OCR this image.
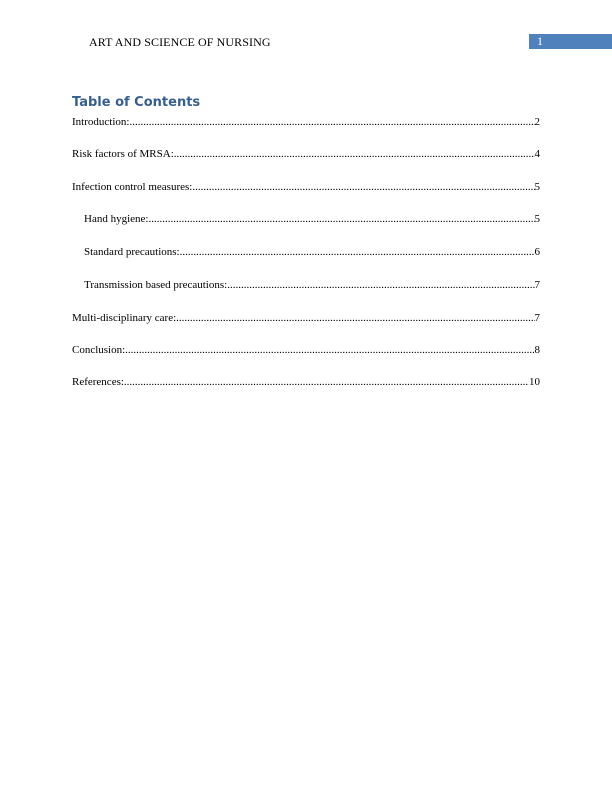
ART AND SCIENCE OF NURSING	1
Table of Contents
Introduction: .....	2
Risk factors of MRSA: .....	4
Infection control measures: .....	5
Hand hygiene: .....	5
Standard precautions: .....	6
Transmission based precautions: .....	7
Multi-disciplinary care: .....	7
Conclusion: .....	8
References: .....	10
